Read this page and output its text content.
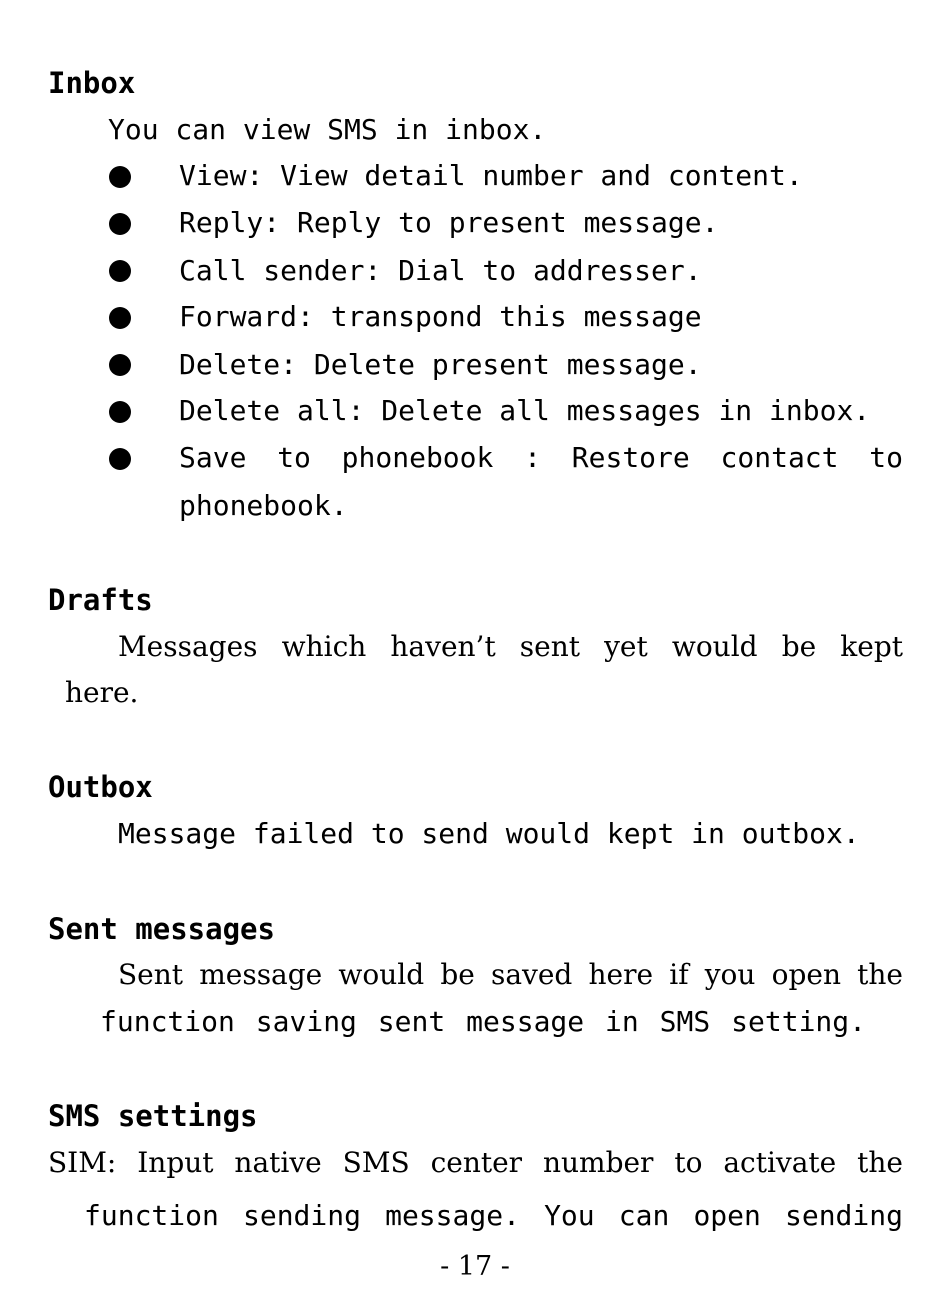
Inbox
You can view SMS in inbox.
View: View detail number and content.
Reply: Reply to present message.
Call sender: Dial to addresser.
Forward: transpond this message
Delete: Delete present message.
Delete all: Delete all messages in inbox.
Save to phonebook : Restore contact to
phonebook.
Drafts
Messages which haven’t sent yet would be kept
here.
Outbox
Message failed to send would kept in outbox.
Sent messages
Sent message would be saved here if you open the
function saving sent message in SMS setting.
SMS settings
SIM: Input native SMS center number to activate the
function sending message. You can open sending
- 17 -
